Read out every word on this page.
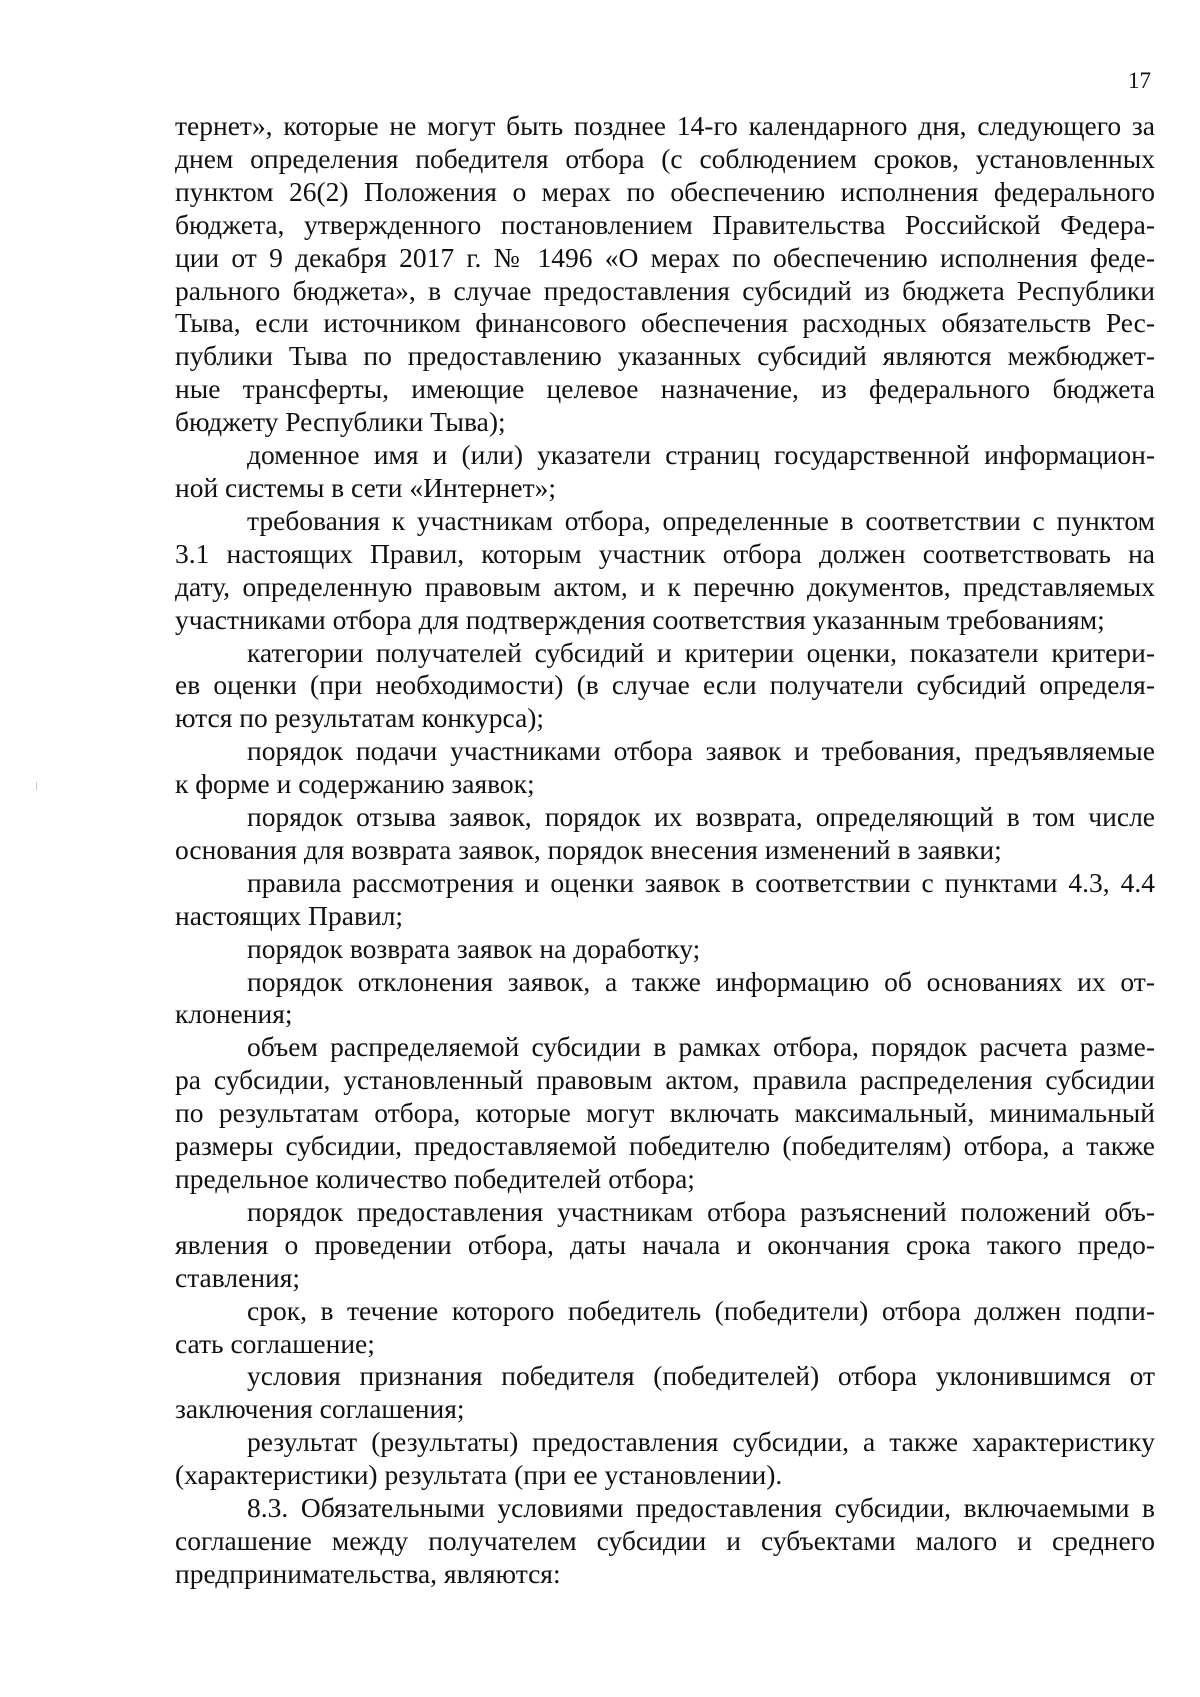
17
тернет», которые не могут быть позднее 14-го календарного дня, следующего за
днем определения победителя отбора (с соблюдением сроков, установленных
пунктом 26(2) Положения о мерах по обеспечению исполнения федерального
бюджета, утвержденного постановлением Правительства Российской Федера-
ции от 9 декабря 2017 г. № 1496 «О мерах по обеспечению исполнения феде-
рального бюджета», в случае предоставления субсидий из бюджета Республики
Тыва, если источником финансового обеспечения расходных обязательств Рес-
публики Тыва по предоставлению указанных субсидий являются межбюджет-
ные трансферты, имеющие целевое назначение, из федерального бюджета
бюджету Республики Тыва);
доменное имя и (или) указатели страниц государственной информацион-
ной системы в сети «Интернет»;
требования к участникам отбора, определенные в соответствии с пунктом
3.1 настоящих Правил, которым участник отбора должен соответствовать на
дату, определенную правовым актом, и к перечню документов, представляемых
участниками отбора для подтверждения соответствия указанным требованиям;
категории получателей субсидий и критерии оценки, показатели критери-
ев оценки (при необходимости) (в случае если получатели субсидий определя-
ются по результатам конкурса);
порядок подачи участниками отбора заявок и требования, предъявляемые
к форме и содержанию заявок;
порядок отзыва заявок, порядок их возврата, определяющий в том числе
основания для возврата заявок, порядок внесения изменений в заявки;
правила рассмотрения и оценки заявок в соответствии с пунктами 4.3, 4.4
настоящих Правил;
порядок возврата заявок на доработку;
порядок отклонения заявок, а также информацию об основаниях их от-
клонения;
объем распределяемой субсидии в рамках отбора, порядок расчета разме-
ра субсидии, установленный правовым актом, правила распределения субсидии
по результатам отбора, которые могут включать максимальный, минимальный
размеры субсидии, предоставляемой победителю (победителям) отбора, а также
предельное количество победителей отбора;
порядок предоставления участникам отбора разъяснений положений объ-
явления о проведении отбора, даты начала и окончания срока такого предо-
ставления;
срок, в течение которого победитель (победители) отбора должен подпи-
сать соглашение;
условия признания победителя (победителей) отбора уклонившимся от
заключения соглашения;
результат (результаты) предоставления субсидии, а также характеристику
(характеристики) результата (при ее установлении).
8.3. Обязательными условиями предоставления субсидии, включаемыми в
соглашение между получателем субсидии и субъектами малого и среднего
предпринимательства, являются:
